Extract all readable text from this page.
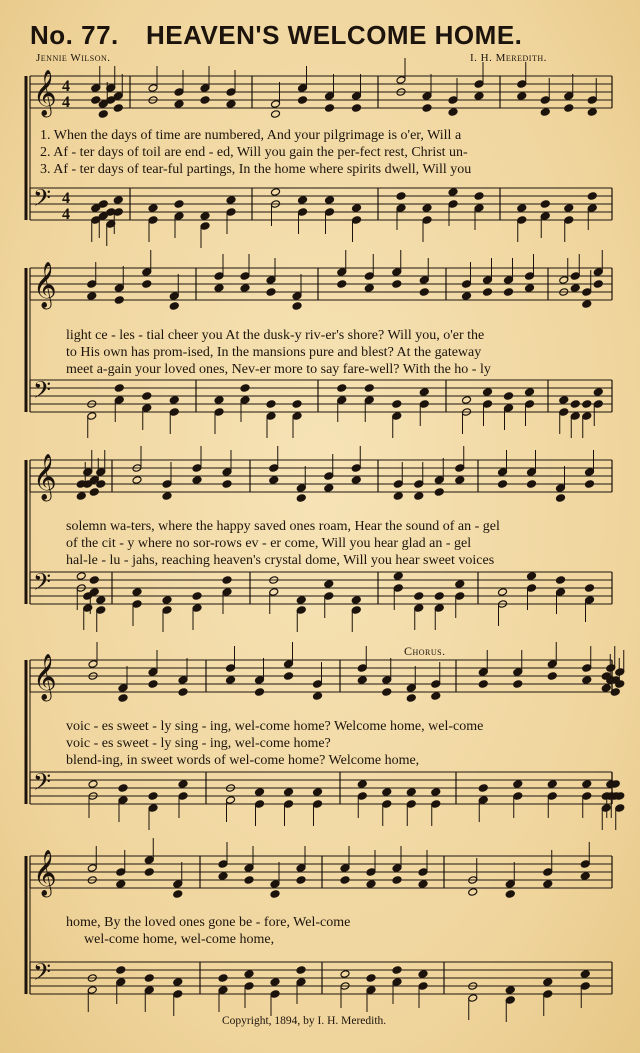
No. 77. HEAVEN'S WELCOME HOME.
Jennie Wilson.	I. H. Meredith.
𝄞 4
4
𝄢 4
4
𝄞
𝄢
𝄞
𝄢
𝄞
𝄢
𝄞
𝄢
1. When the days of time are numbered, And your pilgrimage is o'er, Will a
2. Af - ter days of toil are end - ed, Will you gain the per-fect rest, Christ un-
3. Af - ter days of tear-ful partings, In the home where spirits dwell, Will you
light ce - les - tial cheer you At the dusk-y riv-er's shore? Will you, o'er the
to His own has prom-ised, In the mansions pure and blest? At the gateway
meet a-gain your loved ones, Nev-er more to say fare-well? With the ho - ly
solemn wa-ters, where the happy saved ones roam, Hear the sound of an - gel
of the cit - y where no sor-rows ev - er come, Will you hear glad an - gel
hal-le - lu - jahs, reaching heaven's crystal dome, Will you hear sweet voices
Chorus.
voic - es sweet - ly sing - ing, wel-come home? Welcome home, wel-come
voic - es sweet - ly sing - ing, wel-come home?
blend-ing, in sweet words of wel-come home? Welcome home,
home, By the loved ones gone be - fore, Wel-come
wel-come home, wel-come home,
Copyright, 1894, by I. H. Meredith.
